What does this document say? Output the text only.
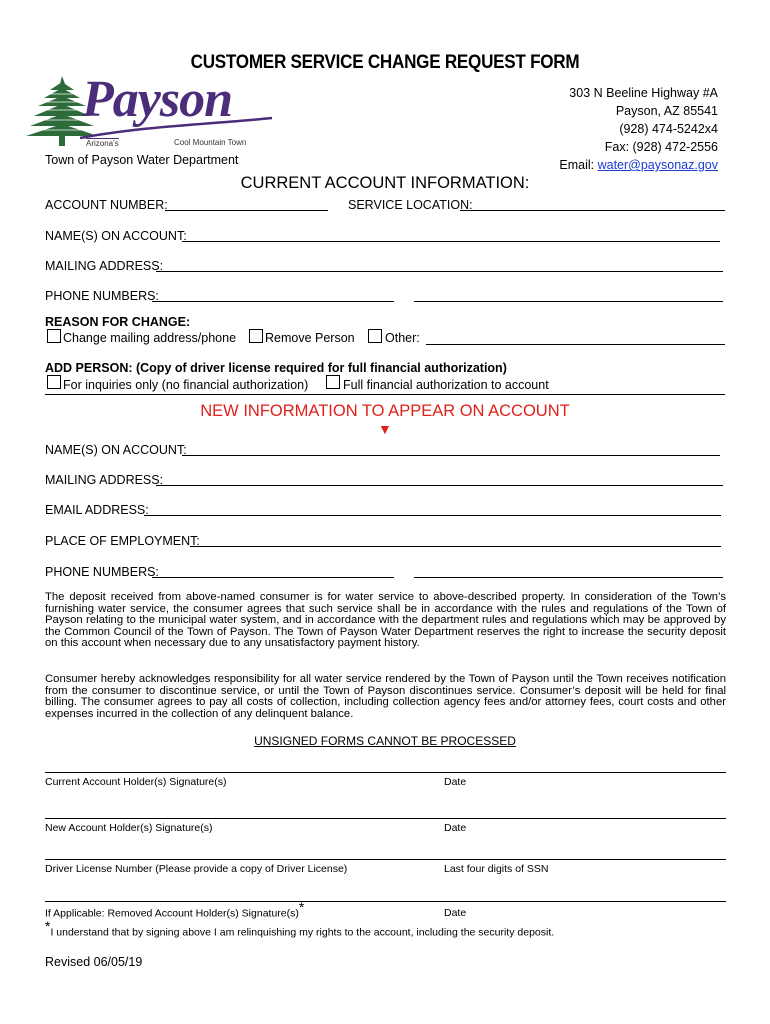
CUSTOMER SERVICE CHANGE REQUEST FORM
Payson
Arizona's	Cool Mountain Town
Town of Payson Water Department
303 N Beeline Highway #A
Payson, AZ 85541
(928) 474-5242x4
Fax: (928) 472-2556
Email: water@paysonaz.gov
CURRENT ACCOUNT INFORMATION:
ACCOUNT NUMBER:	SERVICE LOCATION:
NAME(S) ON ACCOUNT:
MAILING ADDRESS:
PHONE NUMBERS:
REASON FOR CHANGE:
Change mailing address/phone Remove Person Other:
ADD PERSON: (Copy of driver license required for full financial authorization)
For inquiries only (no financial authorization)	Full financial authorization to account
NEW INFORMATION TO APPEAR ON ACCOUNT
▼
NAME(S) ON ACCOUNT:
MAILING ADDRESS:
EMAIL ADDRESS:
PLACE OF EMPLOYMENT:
PHONE NUMBERS:
The deposit received from above-named consumer is for water service to above-described property. In consideration of the Town’s furnishing water service, the consumer agrees that such service shall be in accordance with the rules and regulations of the Town of Payson relating to the municipal water system, and in accordance with the department rules and regulations which may be approved by the Common Council of the Town of Payson. The Town of Payson Water Department reserves the right to increase the security deposit on this account when necessary due to any unsatisfactory payment history.
Consumer hereby acknowledges responsibility for all water service rendered by the Town of Payson until the Town receives notification from the consumer to discontinue service, or until the Town of Payson discontinues service. Consumer’s deposit will be held for final billing. The consumer agrees to pay all costs of collection, including collection agency fees and/or attorney fees, court costs and other expenses incurred in the collection of any delinquent balance.
UNSIGNED FORMS CANNOT BE PROCESSED
Current Account Holder(s) Signature(s)	Date
New Account Holder(s) Signature(s)	Date
Driver License Number (Please provide a copy of Driver License)	Last four digits of SSN
If Applicable: Removed Account Holder(s) Signature(s)*	Date
*I understand that by signing above I am relinquishing my rights to the account, including the security deposit.
Revised 06/05/19
